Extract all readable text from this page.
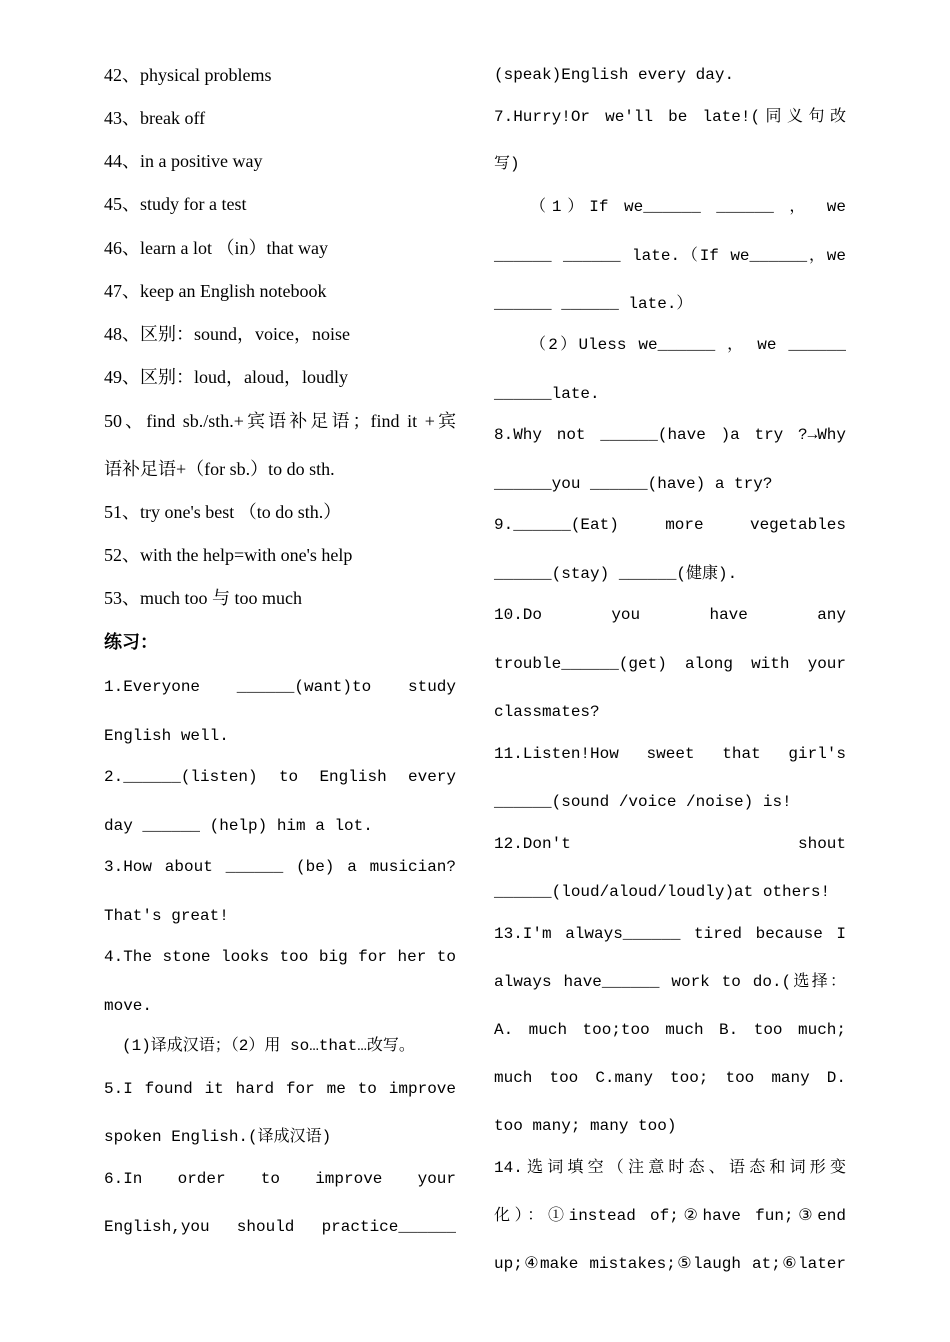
42、physical problems
43、break off
44、in a positive way
45、study for a test
46、learn a lot （in）that way
47、keep an English notebook
48、区别：sound，voice，noise
49、区别：loud，aloud，loudly
50、find sb./sth.+宾语补足语；find it +宾
语补足语+（for sb.）to do sth.
51、try one's best （to do sth.）
52、with the help=with one's help
53、much too 与 too much
练习：
1.Everyone ______(want)to study
English well.
2.______(listen) to English every
day ______ (help) him a lot.
3.How about ______ (be) a musician?
That's great!
4.The stone looks too big for her to
move.
(1)译成汉语；（2）用 so…that…改写。
5.I found it hard for me to improve
spoken English.(译成汉语)
6.In order to improve your
English,you should practice______
(speak)English every day.
7.Hurry!Or we'll be late!(同义句改
写)
（1）If we______ ______ ， we
______ ______ late.（If we______，we
______ ______ late.）
（2）Uless we______ ， we ______
______late.
8.Why not ______(have )a try ?→Why
______you ______(have) a try?
9.______(Eat) more vegetables
______(stay) ______(健康).
10.Do you have any
trouble______(get) along with your
classmates?
11.Listen!How sweet that girl's
______(sound /voice /noise) is!
12.Don't shout
______(loud/aloud/loudly)at others!
13.I'm always______ tired because I
always have______ work to do.(选择：
A. much too;too much B. too much;
much too C.many too; too many D.
too many; many too)
14.选词填空（注意时态、语态和词形变
化）：①instead of;②have fun;③end
up;④make mistakes;⑤laugh at;⑥later
